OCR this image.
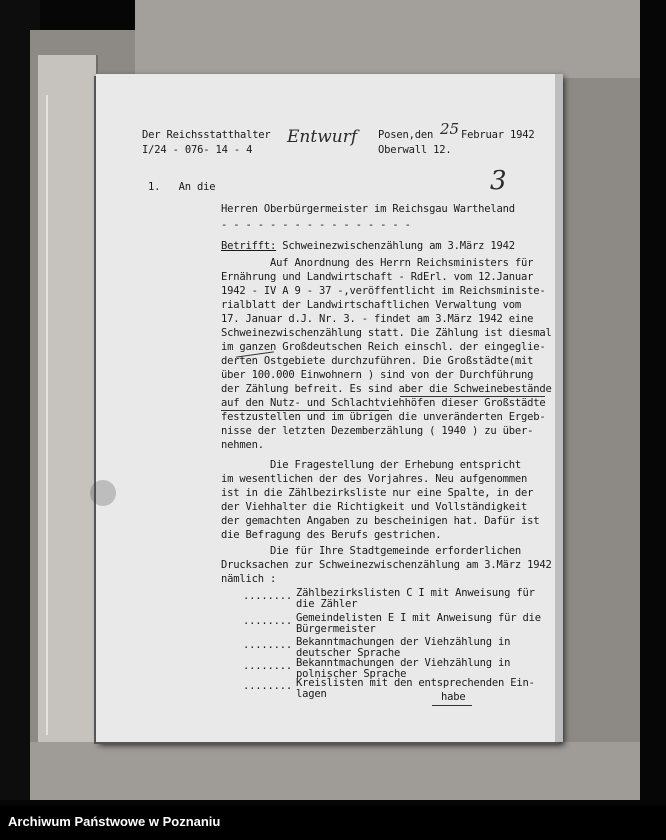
Der Reichsstatthalter
I/24 - 076- 14 - 4
Entwurf Posen,den 25 Februar 1942
Oberwall 12.
3
1.   An die
Herren Oberbürgermeister im Reichsgau Wartheland
- - - - - - - - - - - - - - - -
Betrifft: Schweinezwischenzählung am 3.März 1942
Auf Anordnung des Herrn Reichsministers für
Ernährung und Landwirtschaft - RdErl. vom 12.Januar
1942 - IV A 9 - 37 -,veröffentlicht im Reichsministe-
rialblatt der Landwirtschaftlichen Verwaltung vom
17. Januar d.J. Nr. 3. - findet am 3.März 1942 eine
Schweinezwischenzählung statt. Die Zählung ist diesmal
im ganzen Großdeutschen Reich einschl. der eingeglie-
derten Ostgebiete durchzuführen. Die Großstädte(mit
über 100.000 Einwohnern ) sind von der Durchführung
der Zählung befreit. Es sind aber die Schweinebestände
auf den Nutz- und Schlachtviehhöfen dieser Großstädte
festzustellen und im übrigen die unveränderten Ergeb-
nisse der letzten Dezemberzählung ( 1940 ) zu über-
nehmen.
Die Fragestellung der Erhebung entspricht
im wesentlichen der des Vorjahres. Neu aufgenommen
ist in die Zählbezirksliste nur eine Spalte, in der
der Viehhalter die Richtigkeit und Vollständigkeit
der gemachten Angaben zu bescheinigen hat. Dafür ist
die Befragung des Berufs gestrichen.
Die für Ihre Stadtgemeinde erforderlichen
Drucksachen zur Schweinezwischenzählung am 3.März 1942
nämlich :
........ Zählbezirkslisten C I mit Anweisung für
die Zähler
........ Gemeindelisten E I mit Anweisung für die
Bürgermeister
........ Bekanntmachungen der Viehzählung in
deutscher Sprache
........ Bekanntmachungen der Viehzählung in
polnischer Sprache
........ Kreislisten mit den entsprechenden Ein-
lagen	habe
Archiwum Państwowe w Poznaniu
